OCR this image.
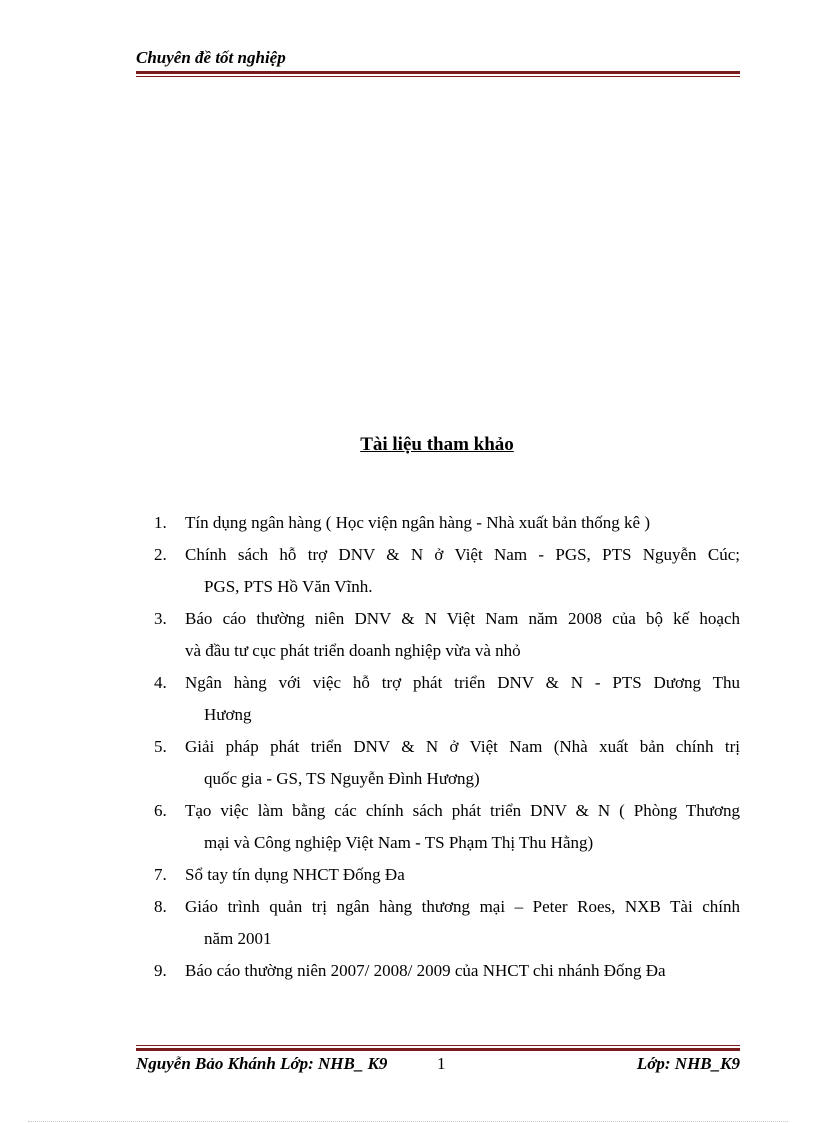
Chuyên đề tốt nghiệp
Tài liệu tham khảo
1. Tín dụng ngân hàng ( Học viện ngân hàng - Nhà xuất bản thống kê )
2. Chính sách hỗ trợ DNV & N ở Việt Nam - PGS, PTS Nguyễn Cúc;
PGS, PTS Hồ Văn Vĩnh.
3. Báo cáo thường niên DNV & N Việt Nam năm 2008 của bộ kế hoạch
và đầu tư cục phát triển doanh nghiệp vừa và nhỏ
4. Ngân hàng với việc hỗ trợ phát triển DNV & N - PTS Dương Thu
Hương
5. Giải pháp phát triển DNV & N ở Việt Nam (Nhà xuất bản chính trị
quốc gia - GS, TS Nguyễn Đình Hương)
6. Tạo việc làm bằng các chính sách phát triển DNV & N ( Phòng Thương
mại và Công nghiệp Việt Nam - TS Phạm Thị Thu Hằng)
7. Sổ tay tín dụng NHCT Đống Đa
8. Giáo trình quản trị ngân hàng thương mại – Peter Roes, NXB Tài chính
năm 2001
9. Báo cáo thường niên 2007/ 2008/ 2009 của NHCT chi nhánh Đống Đa
Nguyễn Bảo Khánh Lớp: NHB_ K9	1	Lớp: NHB_K9
